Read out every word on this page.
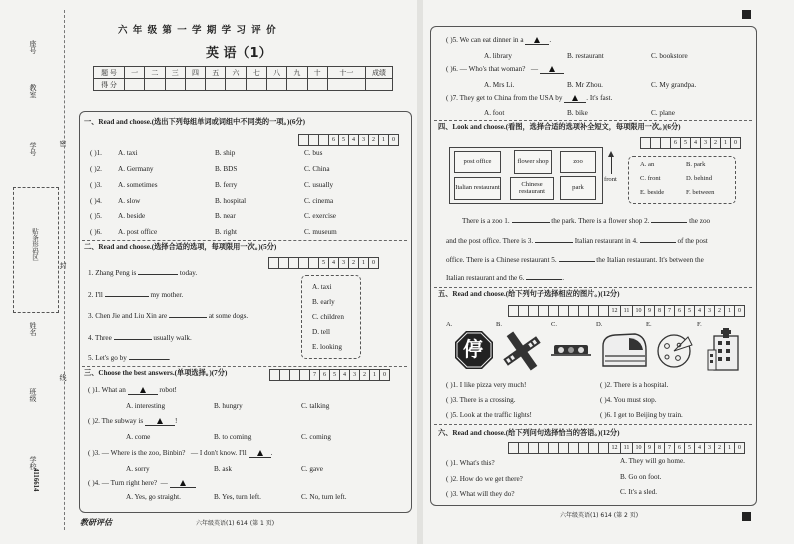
座号
教室
学号	密
贴条形码区
封
姓名
线
班级
学校
4116614
六 年 级 第 一 学 期 学 习 评 价
英 语（1）
题 号	一	二	三	四	五	六	七	八	九	十	十一	成绩
得 分												
一、Read and choose.(选出下列每组单词或词组中不同类的一项。)(6分)
6	5	4	3	2	1	0
( )1. A. taxi	B. ship	C. bus
( )2. A. Germany	B. BDS	C. China
( )3. A. sometimes	B. ferry	C. usually
( )4. A. slow	B. hospital	C. cinema
( )5. A. beside	B. near	C. exercise
( )6. A. post office	B. right	C. museum
二、Read and choose.(选择合适的选项，每项限用一次。)(5分)
5	4	3	2	1	0
1. Zhang Peng is	today.
2. I'll	my mother.
3. Chen Jie and Liu Xin are	at some dogs.
4. Three	usually walk.
5. Let's go by	.
A. taxi
B. early
C. children
D. tell
E. looking
三、Choose the best answers.(单项选择。)(7分)	7	6	5	4	3	2	1	0
( )1. What an	robot!
A. interesting	B. hungry	C. talking
( )2. The subway is	!
A. come	B. to coming	C. coming
( )3. — Where is the zoo, Binbin? — I don't know. I'll	.
A. sorry	B. ask	C. gave
( )4. — Turn right here? —
A. Yes, go straight.	B. Yes, turn left.	C. No, turn left.
教研评估	六年级英语(1) 614 (第 1 页)
( )5. We can eat dinner in a	.
A. library	B. restaurant	C. bookstore
( )6. — Who's that woman? —
A. Mrs Li.	B. Mr Zhou.	C. My grandpa.
( )7. They get to China from the USA by	. It's fast.
A. foot	B. bike	C. plane
四、Look and choose.(看图，选择合适的选项补全短文，每项限用一次。)(6分)
6	5	4	3	2	1	0
post office	flower shop	zoo
Italian restaurant	Chinese restaurant
park
front
A. an	B. park
C. front	D. behind
E. beside	F. between
There is a zoo 1.	the park. There is a flower shop 2.	the zoo
and the post office. There is 3.	Italian restaurant in 4.	of the post
office. There is a Chinese restaurant 5.	the Italian restaurant. It's between the
Italian restaurant and the 6.	.
五、Read and choose.(给下列句子选择相应的图片。)(12分)
12	11	10	9	8	7	6	5	4	3	2	1	0
A.	B.	C.	D.	E.	F.
停
( )1. I like pizza very much!	( )2. There is a hospital.
( )3. There is a crossing.	( )4. You must stop.
( )5. Look at the traffic lights!	( )6. I get to Beijing by train.
六、Read and choose.(给下列问句选择恰当的答语。)(12分)
12	11	10	9	8	7	6	5	4	3	2	1	0
( )1. What's this?	A. They will go home.
( )2. How do we get there?	B. Go on foot.
( )3. What will they do?	C. It's a sled.
六年级英语(1) 614 (第 2 页)
